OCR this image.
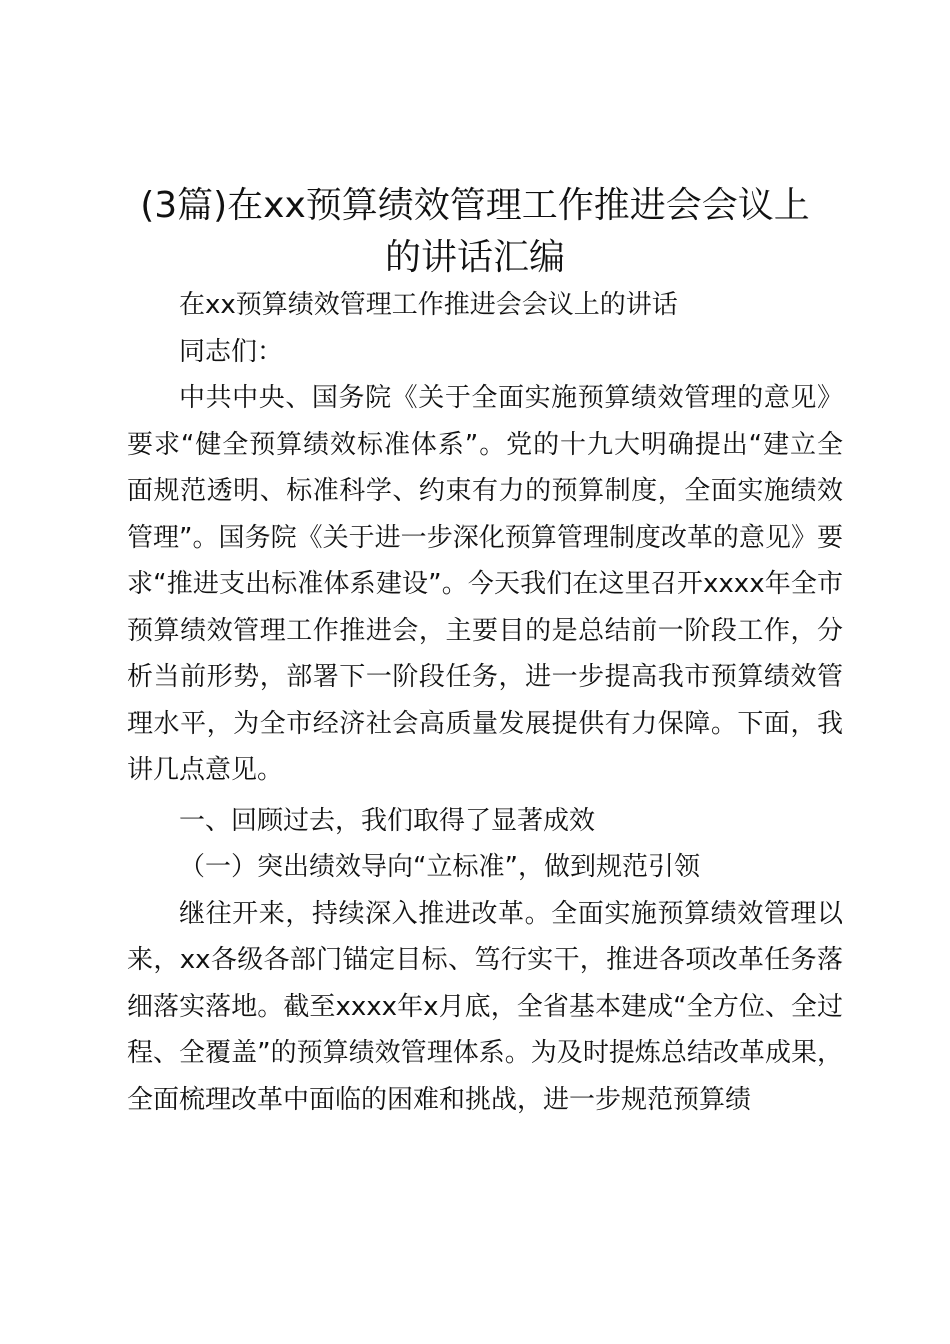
(3篇)在xx预算绩效管理工作推进会会议上
的讲话汇编

在xx预算绩效管理工作推进会会议上的讲话

同志们：

中共中央、国务院《关于全面实施预算绩效管理的意见》要求“健全预算绩效标准体系”。党的十九大明确提出“建立全面规范透明、标准科学、约束有力的预算制度，全面实施绩效管理”。国务院《关于进一步深化预算管理制度改革的意见》要求“推进支出标准体系建设”。今天我们在这里召开xxxx年全市预算绩效管理工作推进会，主要目的是总结前一阶段工作，分析当前形势，部署下一阶段任务，进一步提高我市预算绩效管理水平，为全市经济社会高质量发展提供有力保障。下面，我讲几点意见。

一、回顾过去，我们取得了显著成效

（一）突出绩效导向“立标准”，做到规范引领

继往开来，持续深入推进改革。全面实施预算绩效管理以来，xx各级各部门锚定目标、笃行实干，推进各项改革任务落细落实落地。截至xxxx年x月底，全省基本建成“全方位、全过程、全覆盖”的预算绩效管理体系。为及时提炼总结改革成果，全面梳理改革中面临的困难和挑战，进一步规范预算绩
